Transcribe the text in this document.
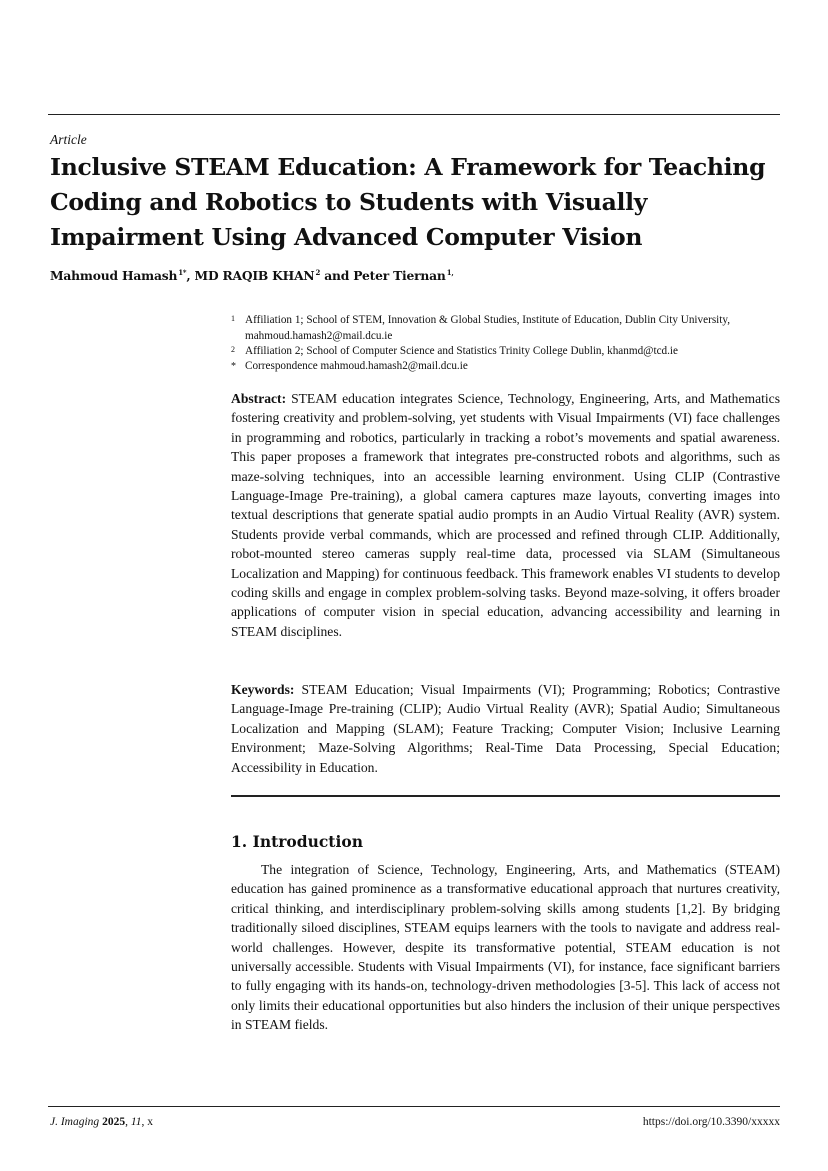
Article
Inclusive STEAM Education: A Framework for Teaching Coding and Robotics to Students with Visually Impairment Using Advanced Computer Vision
Mahmoud Hamash $^{1*}$, MD RAQIB KHAN $^2$ and Peter Tiernan $^{1,}$
1 Affiliation 1; School of STEM, Innovation & Global Studies, Institute of Education, Dublin City University, mahmoud.hamash2@mail.dcu.ie
2 Affiliation 2; School of Computer Science and Statistics Trinity College Dublin, khanmd@tcd.ie
* Correspondence mahmoud.hamash2@mail.dcu.ie

Abstract: STEAM education integrates Science, Technology, Engineering, Arts, and Mathematics fostering creativity and problem-solving, yet students with Visual Impairments (VI) face challenges in programming and robotics, particularly in tracking a robot’s movements and spatial awareness. This paper proposes a framework that integrates pre-constructed robots and algorithms, such as maze-solving techniques, into an accessible learning environment. Using CLIP (Contrastive Language-Image Pre-training), a global camera captures maze layouts, converting images into textual descriptions that generate spatial audio prompts in an Audio Virtual Reality (AVR) system. Students provide verbal commands, which are processed and refined through CLIP. Additionally, robot-mounted stereo cameras supply real-time data, processed via SLAM (Simultaneous Localization and Mapping) for continuous feedback. This framework enables VI students to develop coding skills and engage in complex problem-solving tasks. Beyond maze-solving, it offers broader applications of computer vision in special education, advancing accessibility and learning in STEAM disciplines.

Keywords: STEAM Education; Visual Impairments (VI); Programming; Robotics; Contrastive Language-Image Pre-training (CLIP); Audio Virtual Reality (AVR); Spatial Audio; Simultaneous Localization and Mapping (SLAM); Feature Tracking; Computer Vision; Inclusive Learning Environment; Maze-Solving Algorithms; Real-Time Data Processing, Special Education; Accessibility in Education.

1. Introduction

The integration of Science, Technology, Engineering, Arts, and Mathematics (STEAM) education has gained prominence as a transformative educational approach that nurtures creativity, critical thinking, and interdisciplinary problem-solving skills among students [1,2]. By bridging traditionally siloed disciplines, STEAM equips learners with the tools to navigate and address real-world challenges. However, despite its transformative potential, STEAM education is not universally accessible. Students with Visual Impairments (VI), for instance, face significant barriers to fully engaging with its hands-on, technology-driven methodologies [3-5]. This lack of access not only limits their educational opportunities but also hinders the inclusion of their unique perspectives in STEAM fields.

J. Imaging 2025, 11, x	https://doi.org/10.3390/xxxxx
